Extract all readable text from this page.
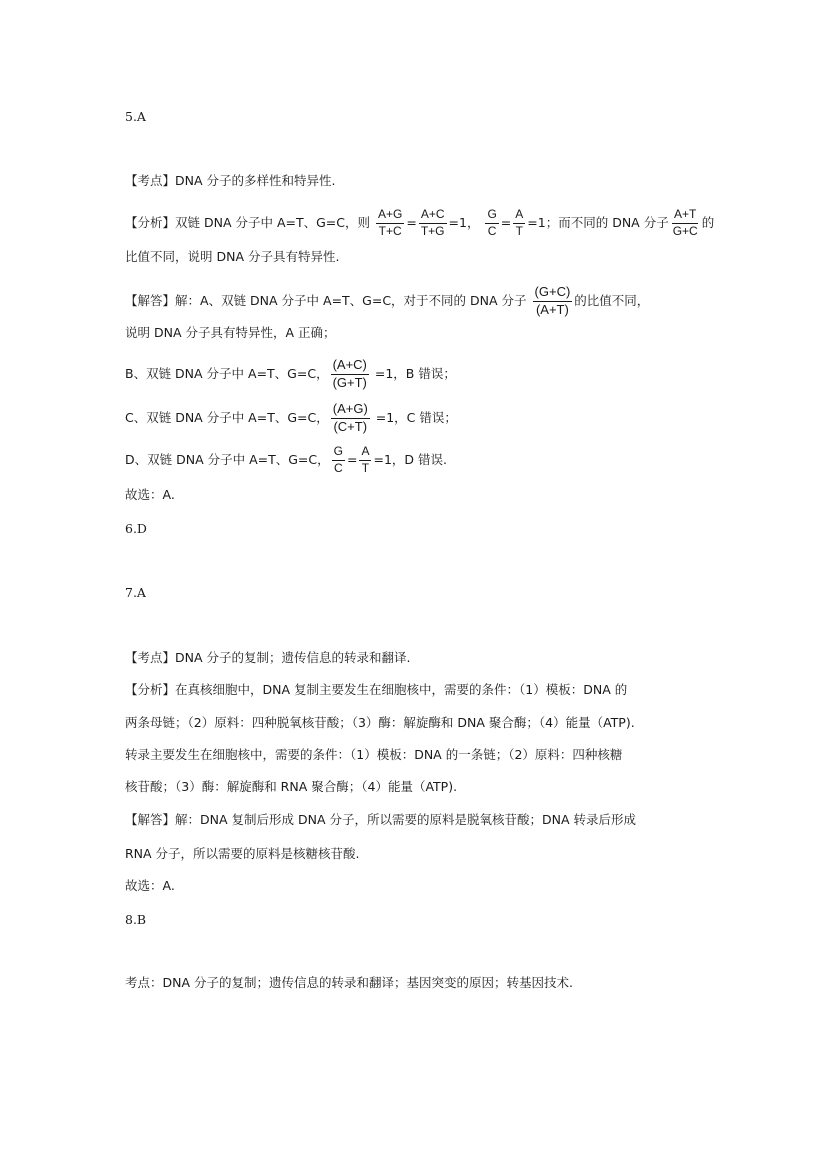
5.A
【考点】DNA 分子的多样性和特异性.
【分析】双链 DNA 分子中 A=T、G=C，则 $\frac{A+G}{T+C} = \frac{A+C}{T+G} =1$， $\frac{G}{C} = \frac{A}{T} =1$；而不同的 DNA 分子 $\frac{A+T}{G+C}$ 的
比值不同，说明 DNA 分子具有特异性.
【解答】解：A、双链 DNA 分子中 A=T、G=C，对于不同的 DNA 分子 $\frac{(G+C)}{(A+T)}$ 的比值不同，
说明 DNA 分子具有特异性，A 正确；
B、双链 DNA 分子中 A=T、G=C， $\frac{(A+C)}{(G+T)} =1$，B 错误；
C、双链 DNA 分子中 A=T、G=C， $\frac{(A+G)}{(C+T)} =1$，C 错误；
D、双链 DNA 分子中 A=T、G=C， $\frac{G}{C} = \frac{A}{T} =1$，D 错误.
故选：A.
6.D
7.A
【考点】DNA 分子的复制；遗传信息的转录和翻译.
【分析】在真核细胞中，DNA 复制主要发生在细胞核中，需要的条件：（1）模板：DNA 的
两条母链；（2）原料：四种脱氧核苷酸；（3）酶：解旋酶和 DNA 聚合酶；（4）能量（ATP).
转录主要发生在细胞核中，需要的条件：（1）模板：DNA 的一条链；（2）原料：四种核糖
核苷酸；（3）酶：解旋酶和 RNA 聚合酶；（4）能量（ATP).
【解答】解：DNA 复制后形成 DNA 分子，所以需要的原料是脱氧核苷酸；DNA 转录后形成
RNA 分子，所以需要的原料是核糖核苷酸.
故选：A.
8.B
考点：DNA 分子的复制；遗传信息的转录和翻译；基因突变的原因；转基因技术.
